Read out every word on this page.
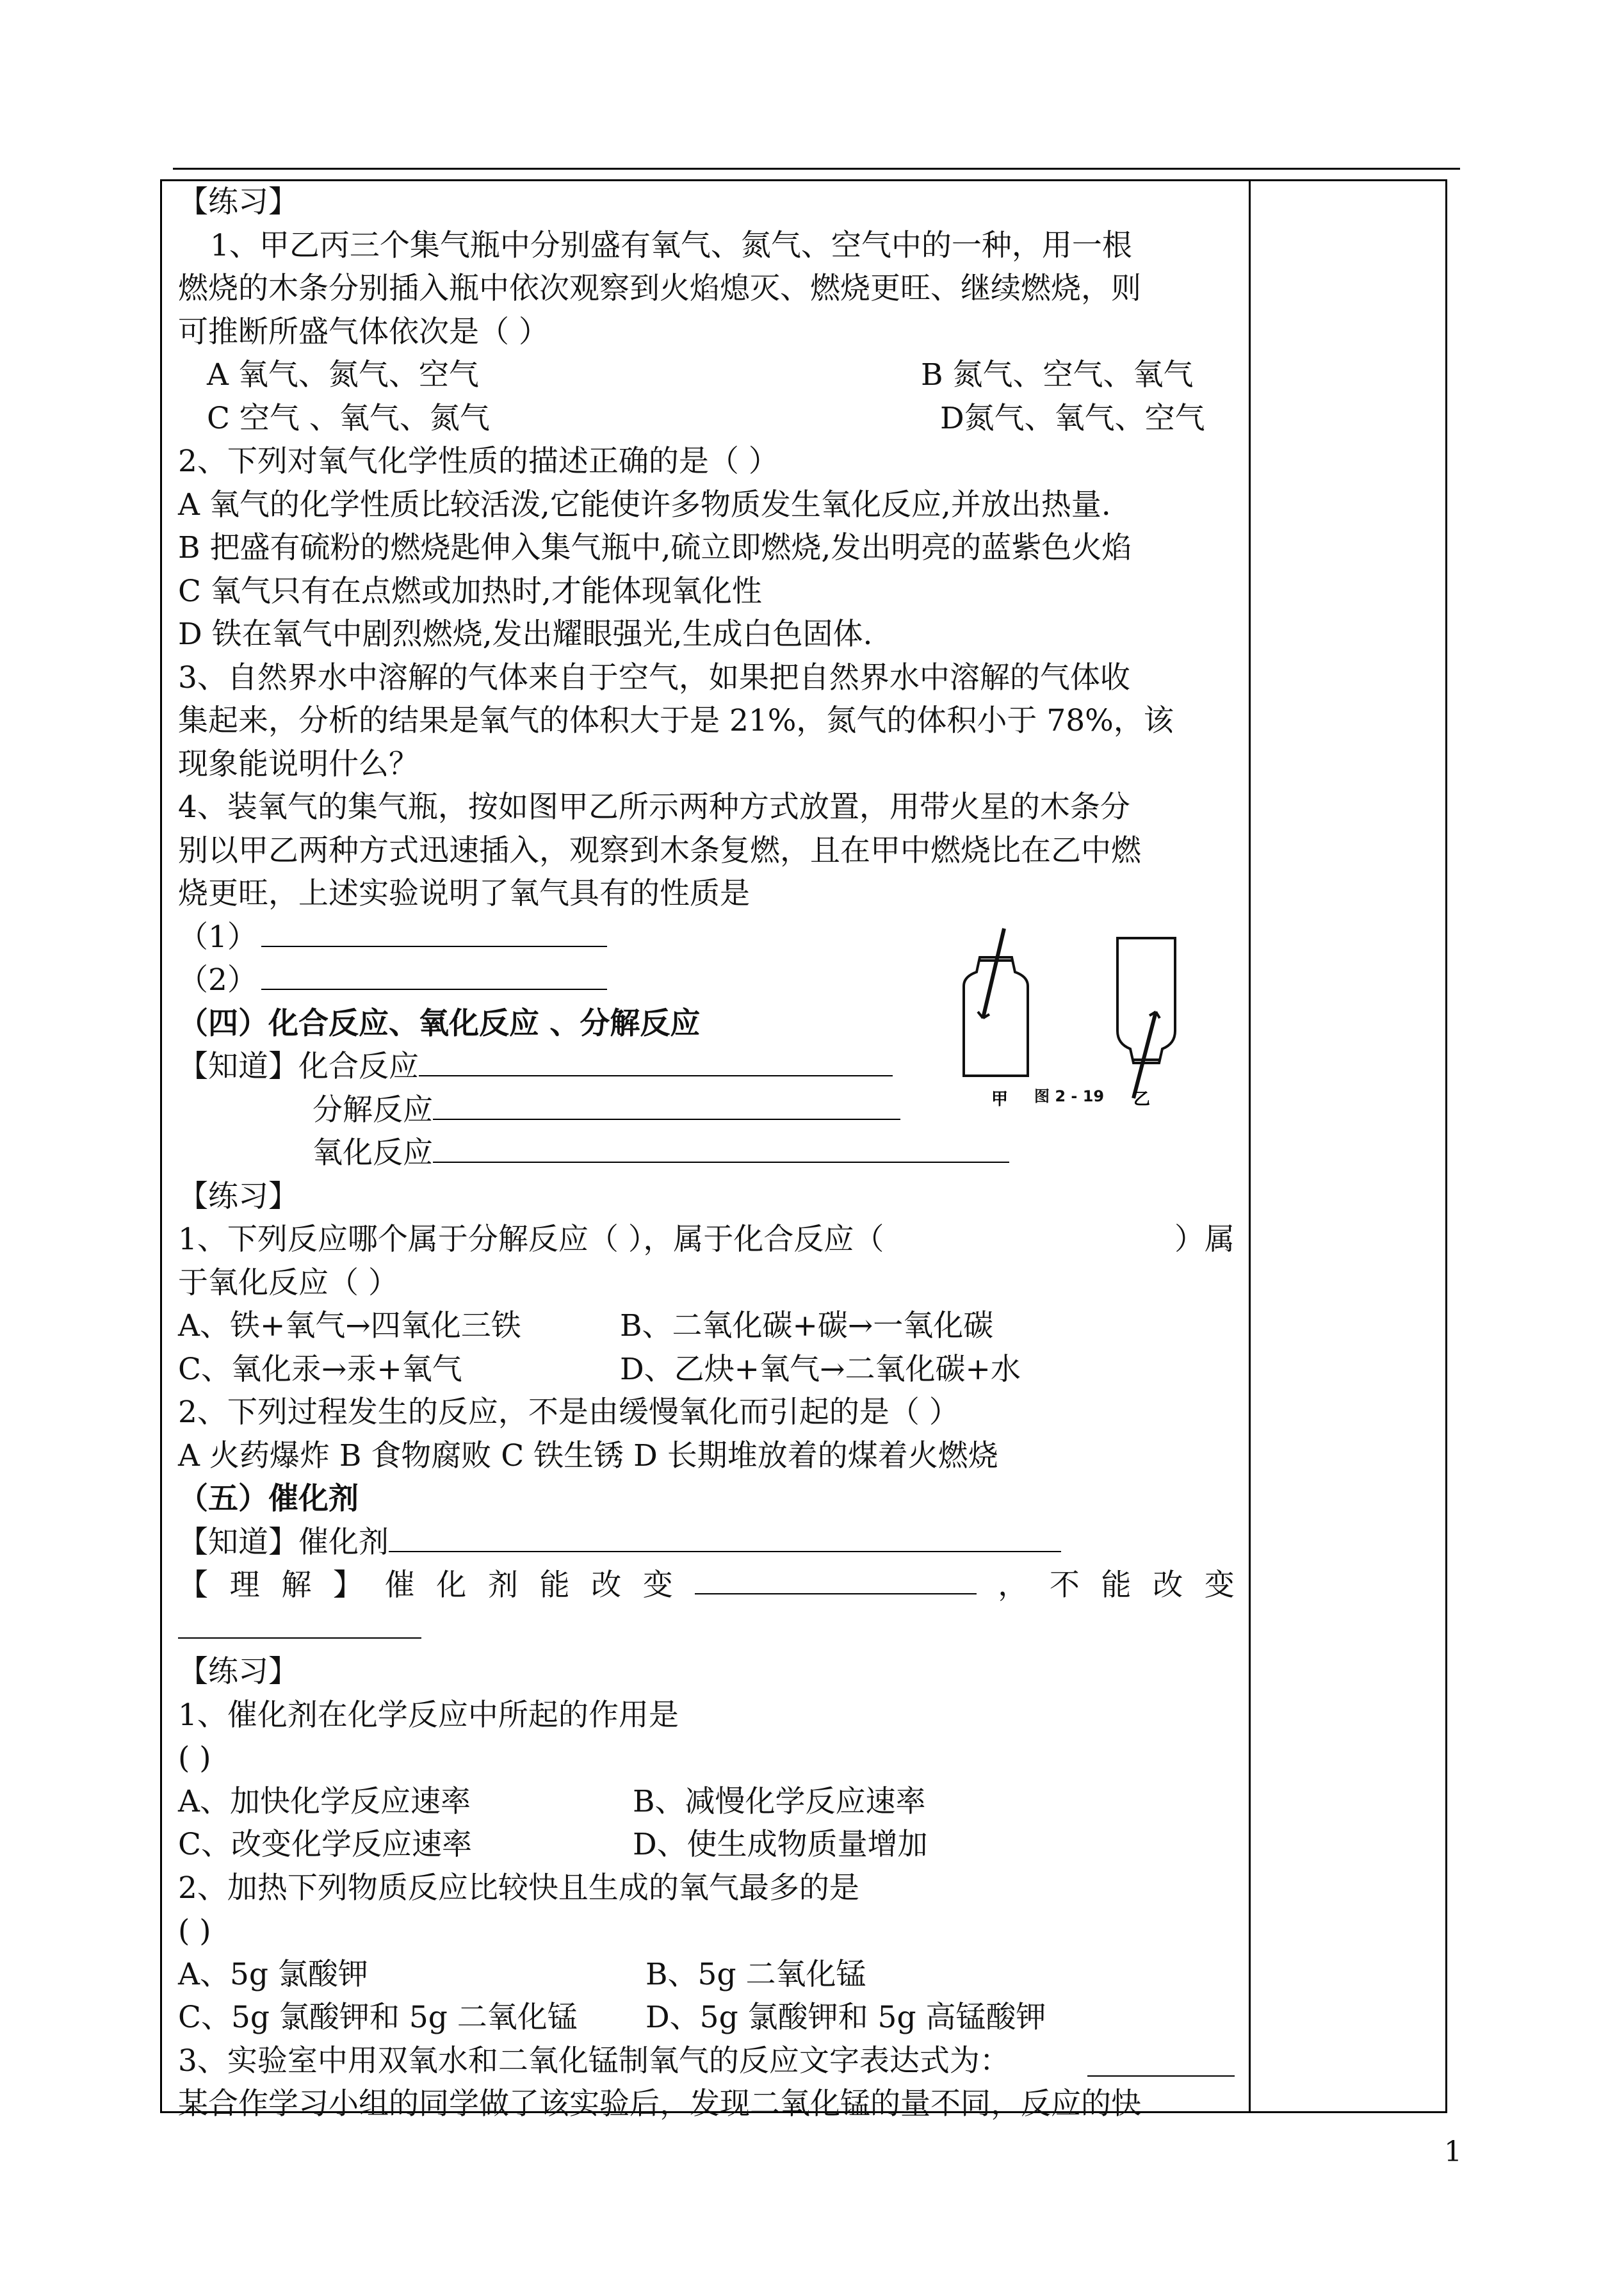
【练习】
1、甲乙丙三个集气瓶中分别盛有氧气、氮气、空气中的一种，用一根
燃烧的木条分别插入瓶中依次观察到火焰熄灭、燃烧更旺、继续燃烧，则
可推断所盛气体依次是（ ）
A 氧气、氮气、空气	B 氮气、空气、氧气
C 空气 、氧气、氮气	D氮气、氧气、空气
2、下列对氧气化学性质的描述正确的是（ ）
A 氧气的化学性质比较活泼,它能使许多物质发生氧化反应,并放出热量.
B 把盛有硫粉的燃烧匙伸入集气瓶中,硫立即燃烧,发出明亮的蓝紫色火焰
C 氧气只有在点燃或加热时,才能体现氧化性
D 铁在氧气中剧烈燃烧,发出耀眼强光,生成白色固体.
3、自然界水中溶解的气体来自于空气，如果把自然界水中溶解的气体收
集起来，分析的结果是氧气的体积大于是 21%，氮气的体积小于 78%，该
现象能说明什么？
4、装氧气的集气瓶，按如图甲乙所示两种方式放置，用带火星的木条分
别以甲乙两种方式迅速插入，观察到木条复燃，且在甲中燃烧比在乙中燃
烧更旺，上述实验说明了氧气具有的性质是
（1）
（2）
（四）化合反应、氧化反应 、分解反应
【知道】化合反应
分解反应
氧化反应
【练习】
1、下列反应哪个属于分解反应（ ），属于化合反应（	）属
于氧化反应（ ）
A、铁+氧气→四氧化三铁	B、二氧化碳+碳→一氧化碳
C、氧化汞→汞+氧气	D、乙炔+氧气→二氧化碳+水
2、下列过程发生的反应，不是由缓慢氧化而引起的是（ ）
A 火药爆炸 B 食物腐败 C 铁生锈 D 长期堆放着的煤着火燃烧
（五）催化剂
【知道】催化剂
【 理 解 】 催 化 剂 能 改 变	， 不 能 改 变
【练习】
1、催化剂在化学反应中所起的作用是
( )
A、加快化学反应速率	B、减慢化学反应速率
C、改变化学反应速率	D、使生成物质量增加
2、加热下列物质反应比较快且生成的氧气最多的是
( )
A、5g 氯酸钾	B、5g 二氧化锰
C、5g 氯酸钾和 5g 二氧化锰 D、5g 氯酸钾和 5g 高锰酸钾
3、实验室中用双氧水和二氧化锰制氧气的反应文字表达式为：
某合作学习小组的同学做了该实验后，发现二氧化锰的量不同，反应的快
甲	乙
图 2 - 19
1
